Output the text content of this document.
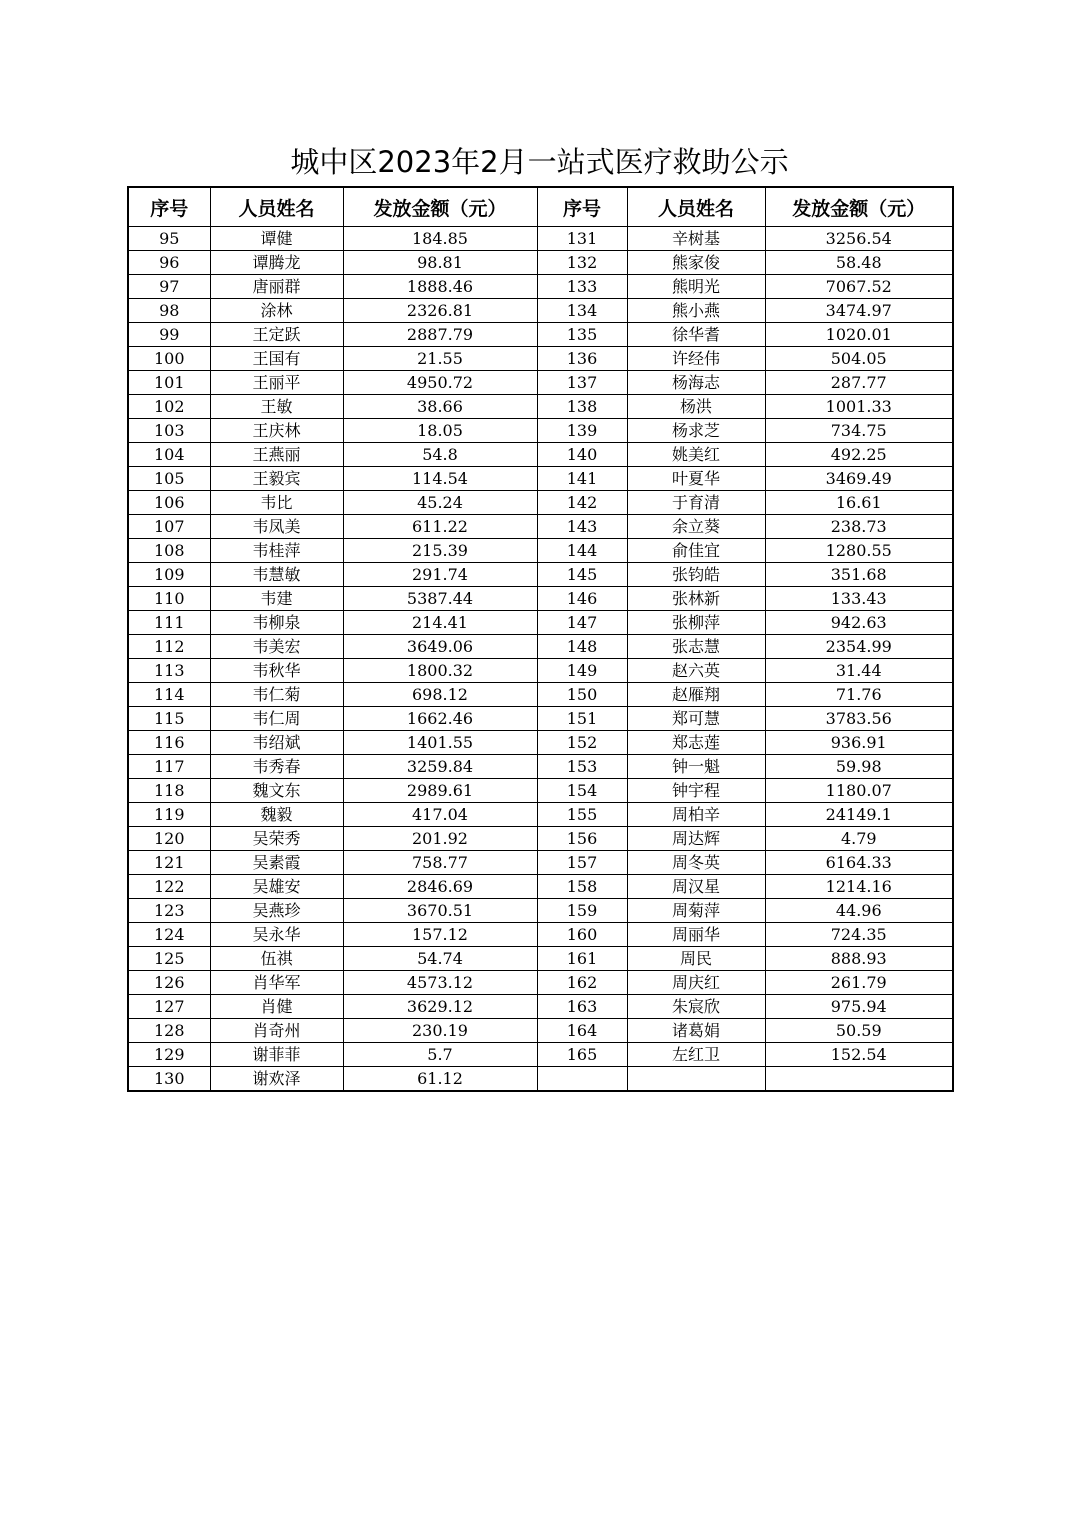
城中区2023年2月一站式医疗救助公示
序号	人员姓名	发放金额（元）	序号	人员姓名	发放金额（元）
95	谭健	184.85	131	辛树基	3256.54
96	谭腾龙	98.81	132	熊家俊	58.48
97	唐丽群	1888.46	133	熊明光	7067.52
98	涂林	2326.81	134	熊小燕	3474.97
99	王定跃	2887.79	135	徐华耆	1020.01
100	王国有	21.55	136	许经伟	504.05
101	王丽平	4950.72	137	杨海志	287.77
102	王敏	38.66	138	杨洪	1001.33
103	王庆林	18.05	139	杨求芝	734.75
104	王燕丽	54.8	140	姚美红	492.25
105	王毅宾	114.54	141	叶夏华	3469.49
106	韦比	45.24	142	于育清	16.61
107	韦凤美	611.22	143	余立葵	238.73
108	韦桂萍	215.39	144	俞佳宜	1280.55
109	韦慧敏	291.74	145	张钧皓	351.68
110	韦建	5387.44	146	张林新	133.43
111	韦柳泉	214.41	147	张柳萍	942.63
112	韦美宏	3649.06	148	张志慧	2354.99
113	韦秋华	1800.32	149	赵六英	31.44
114	韦仁菊	698.12	150	赵雁翔	71.76
115	韦仁周	1662.46	151	郑可慧	3783.56
116	韦绍斌	1401.55	152	郑志莲	936.91
117	韦秀春	3259.84	153	钟一魁	59.98
118	魏文东	2989.61	154	钟宇程	1180.07
119	魏毅	417.04	155	周柏辛	24149.1
120	吴荣秀	201.92	156	周达辉	4.79
121	吴素霞	758.77	157	周冬英	6164.33
122	吴雄安	2846.69	158	周汉星	1214.16
123	吴燕珍	3670.51	159	周菊萍	44.96
124	吴永华	157.12	160	周丽华	724.35
125	伍祺	54.74	161	周民	888.93
126	肖华军	4573.12	162	周庆红	261.79
127	肖健	3629.12	163	朱宸欣	975.94
128	肖奇州	230.19	164	诸葛娟	50.59
129	谢菲菲	5.7	165	左红卫	152.54
130	谢欢泽	61.12			
